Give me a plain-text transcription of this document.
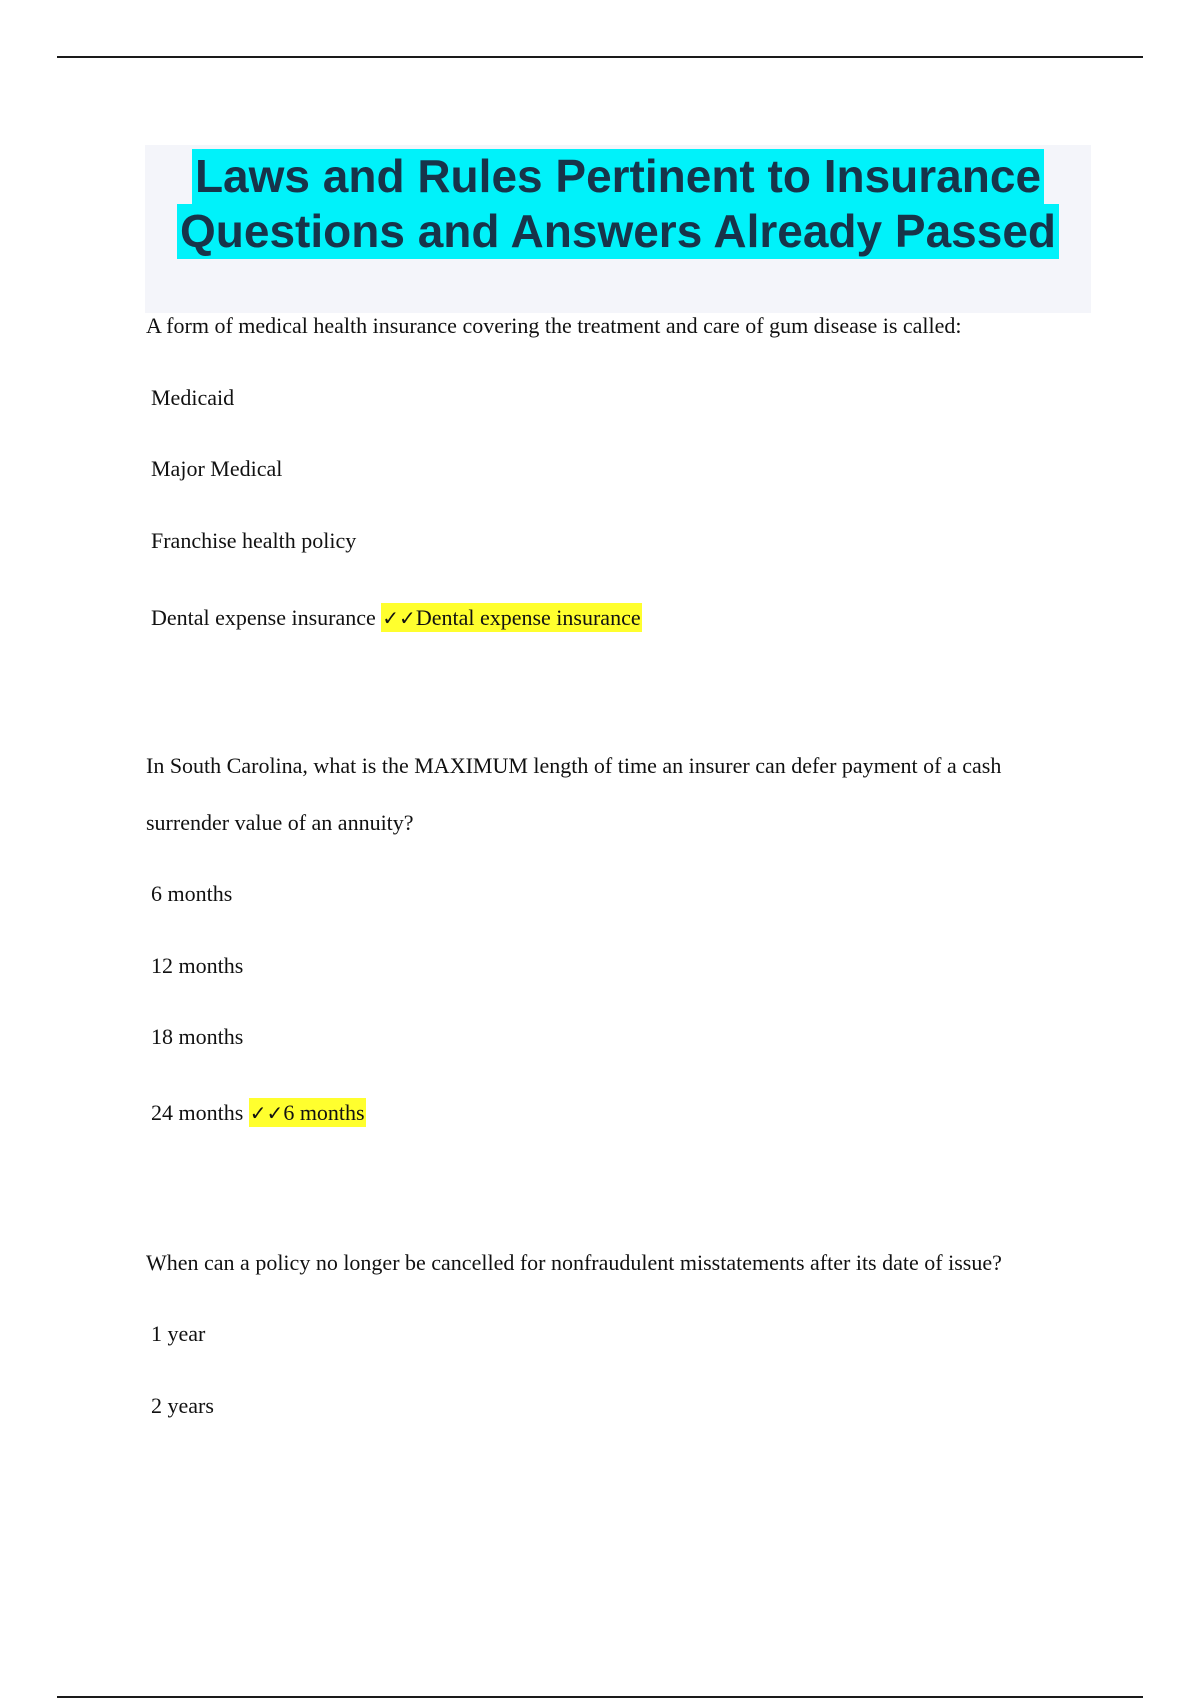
Laws and Rules Pertinent to Insurance
Questions and Answers Already Passed
A form of medical health insurance covering the treatment and care of gum disease is called:
Medicaid
Major Medical
Franchise health policy
Dental expense insurance ✓✓Dental expense insurance
In South Carolina, what is the MAXIMUM length of time an insurer can defer payment of a cash
surrender value of an annuity?
6 months
12 months
18 months
24 months ✓✓6 months
When can a policy no longer be cancelled for nonfraudulent misstatements after its date of issue?
1 year
2 years
